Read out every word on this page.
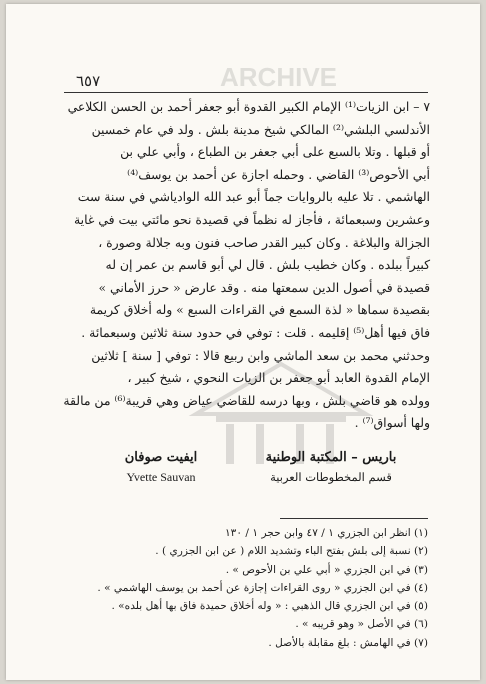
ARCHIVE
٦٥٧
٧ – ابن الزيات⁽¹⁾ الإمام الكبير القدوة أبو جعفر أحمد بن الحسن الكلاعي
الأندلسي البلشي⁽²⁾ المالكي شيخ مدينة بلش . ولد في عام خمسين
أو قبلها . وتلا بالسبع على أبي جعفر بن الطباع ، وأبي علي بن
أبي الأحوص⁽³⁾ القاضي . وحمله اجازة عن أحمد بن يوسف⁽⁴⁾
الهاشمي . تلا عليه بالروايات جماً أبو عبد الله الوادياشي في سنة ست
وعشرين وسبعمائة ، فأجاز له نظماً في قصيدة نحو مائتي بيت في غاية
الجزالة والبلاغة . وكان كبير القدر صاحب فنون وبه جلالة وصورة ،
كبيراً ببلده . وكان خطيب بلش . قال لي أبو قاسم بن عمر إن له
قصيدة في أصول الدين سمعتها منه . وقد عارض « حرز الأماني »
بقصيدة سماها « لذة السمع في القراءات السبع » وله أخلاق كريمة
فاق فيها أهل⁽⁵⁾ إقليمه . قلت : توفي في حدود سنة ثلاثين وسبعمائة .
وحدثني محمد بن سعد الماشي وابن ربيع قالا : توفي [ سنة ] ثلاثين
الإمام القدوة العابد أبو جعفر بن الزيات النحوي ، شيخ كبير ،
وولده هو قاضي بلش ، وبها درسه للقاضي عياض وهي قريبة⁽⁶⁾ من مالقة
ولها أسواق⁽⁷⁾ .
باريس – المكتبة الوطنية
قسم المخطوطات العربية
ايفيت صوفان
Yvette Sauvan
(١) انظر ابن الجزري ١ / ٤٧ وابن حجر ١ / ١٣٠
(٢) نسبة إلى بلش بفتح الباء وتشديد اللام ( عن ابن الجزري ) .
(٣) في ابن الجزري « أبي علي بن الأحوص » .
(٤) في ابن الجزري « روى القراءات إجازة عن أحمد بن يوسف الهاشمي » .
(٥) في ابن الجزري قال الذهبي : « وله أخلاق حميدة فاق بها أهل بلده» .
(٦) في الأصل « وهو قريبه » .
(٧) في الهامش : بلغ مقابلة بالأصل .
